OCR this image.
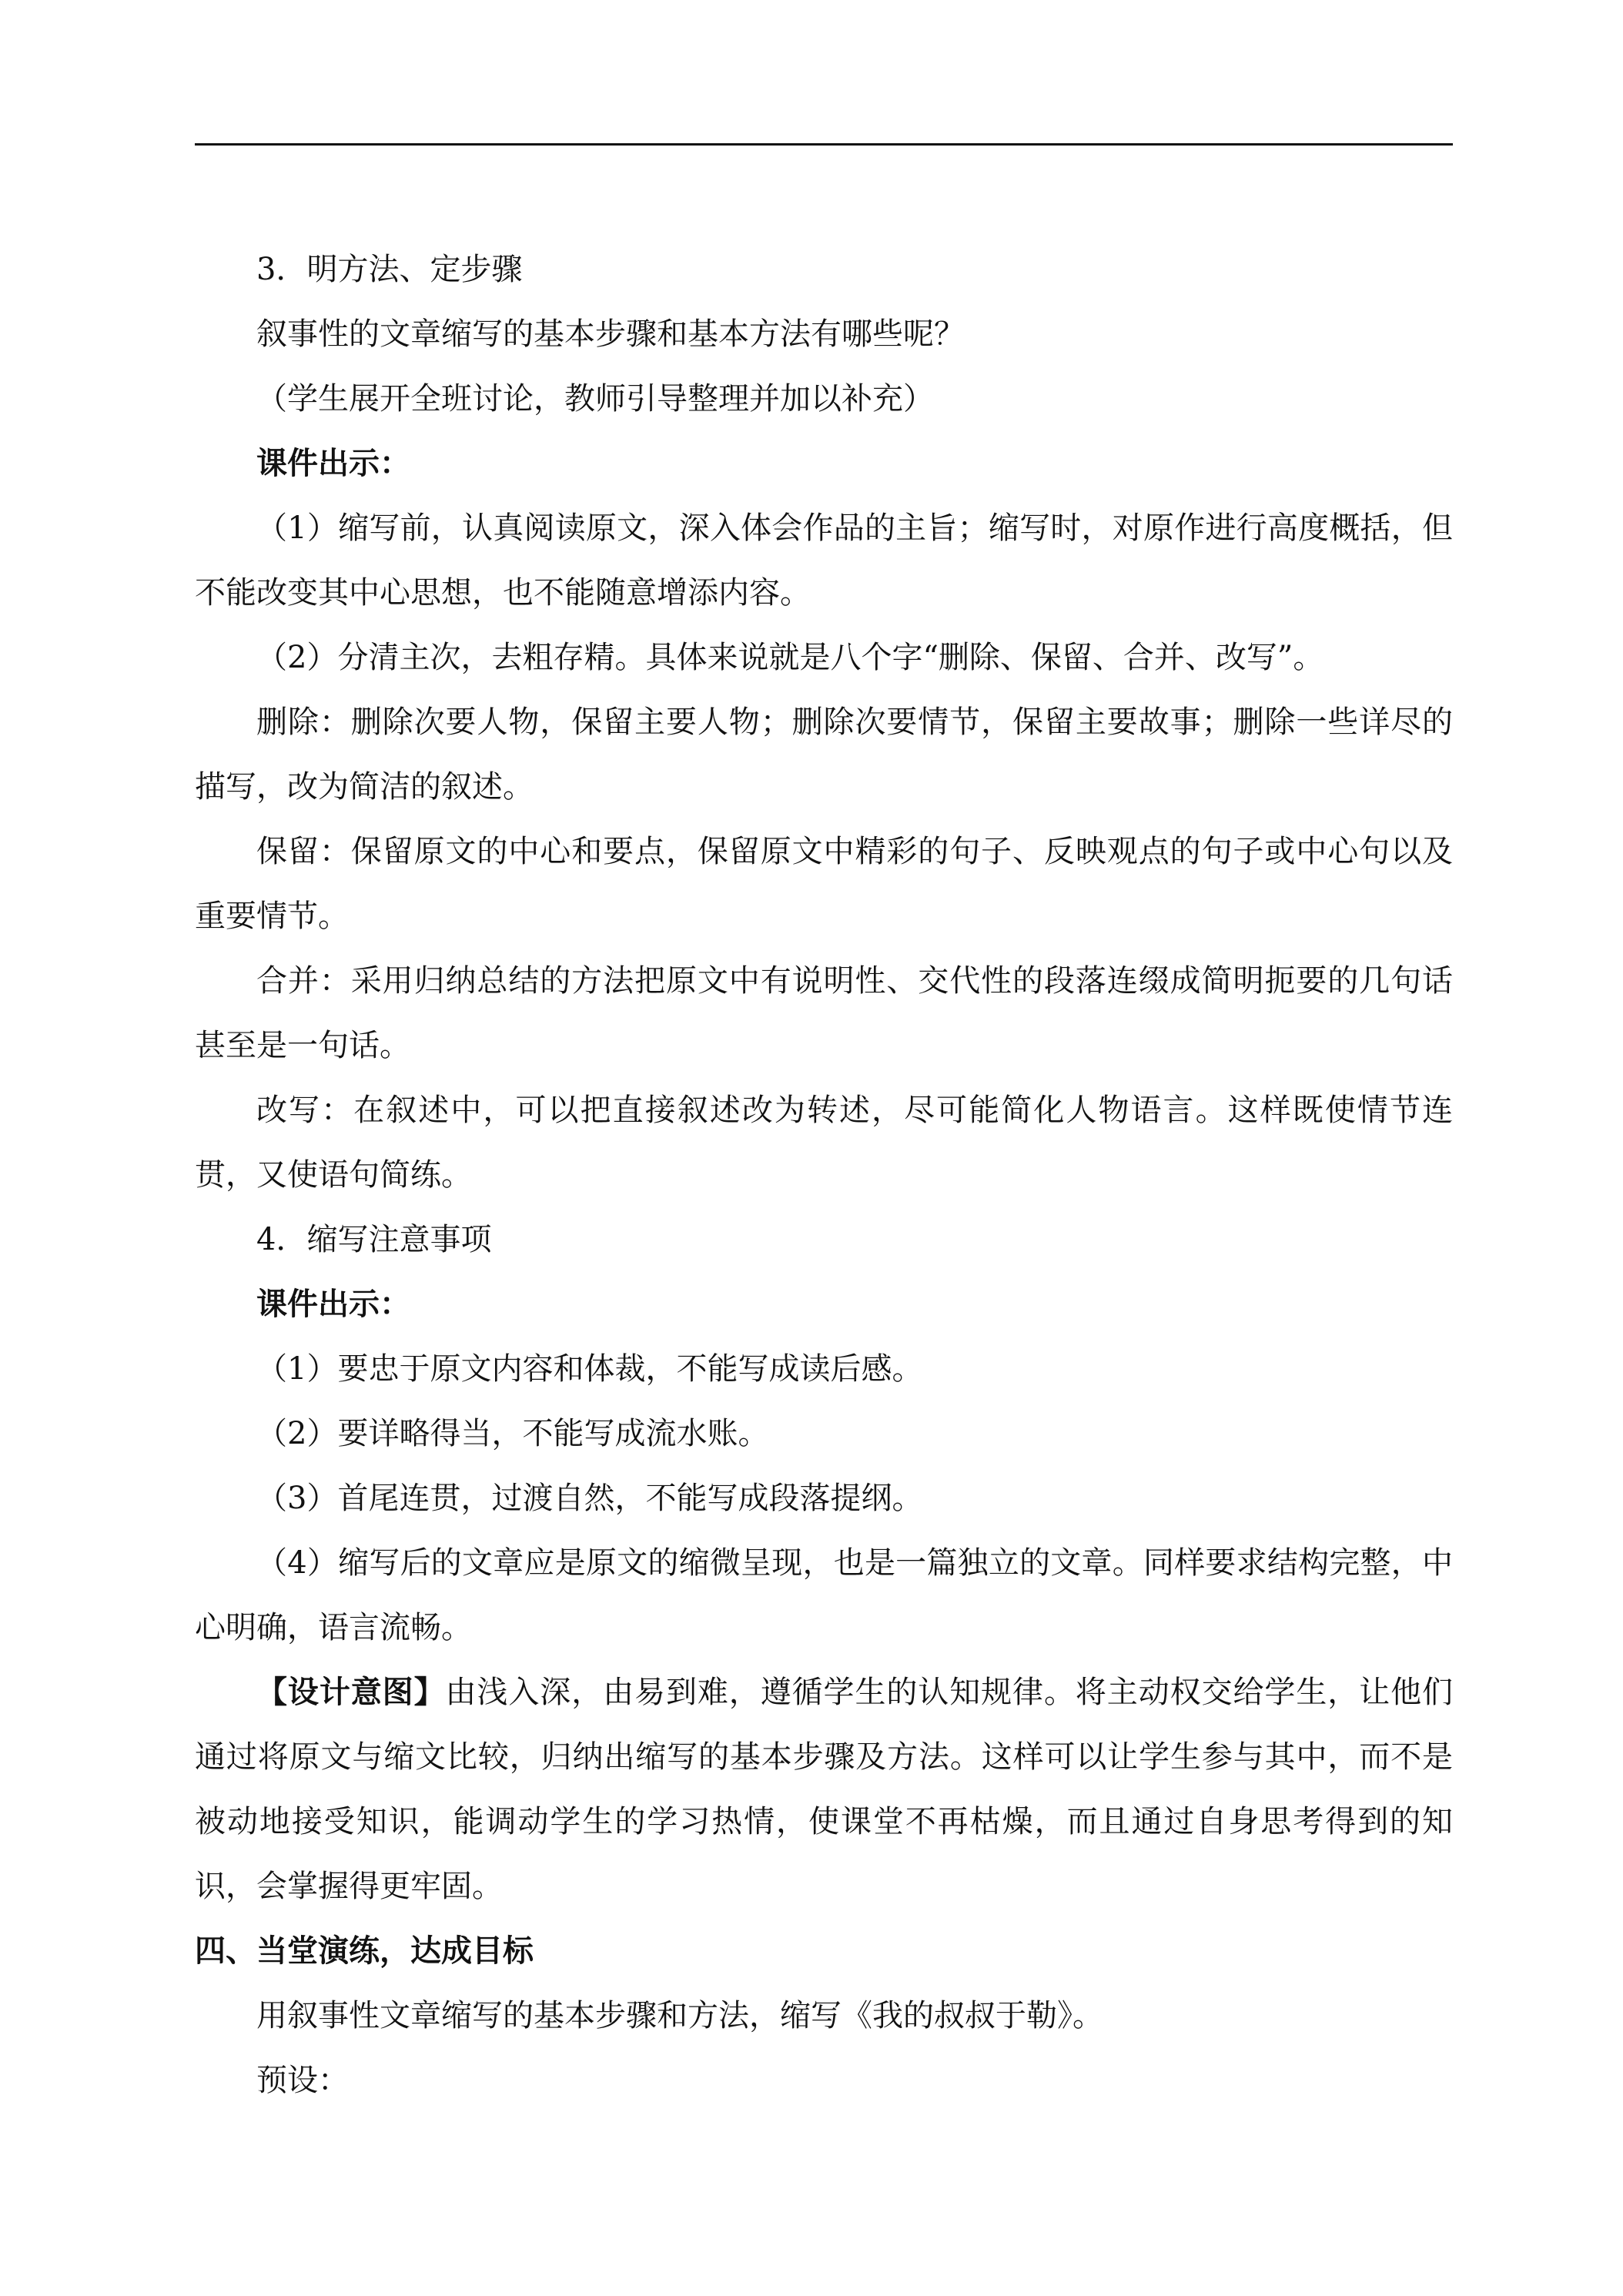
3．明方法、定步骤

叙事性的文章缩写的基本步骤和基本方法有哪些呢？

（学生展开全班讨论，教师引导整理并加以补充）

课件出示：

（1）缩写前，认真阅读原文，深入体会作品的主旨；缩写时，对原作进行高度概括，但不能改变其中心思想，也不能随意增添内容。

（2）分清主次，去粗存精。具体来说就是八个字“删除、保留、合并、改写”。

删除：删除次要人物，保留主要人物；删除次要情节，保留主要故事；删除一些详尽的描写，改为简洁的叙述。

保留：保留原文的中心和要点，保留原文中精彩的句子、反映观点的句子或中心句以及重要情节。

合并：采用归纳总结的方法把原文中有说明性、交代性的段落连缀成简明扼要的几句话甚至是一句话。

改写：在叙述中，可以把直接叙述改为转述，尽可能简化人物语言。这样既使情节连贯，又使语句简练。

4．缩写注意事项

课件出示：

（1）要忠于原文内容和体裁，不能写成读后感。

（2）要详略得当，不能写成流水账。

（3）首尾连贯，过渡自然，不能写成段落提纲。

（4）缩写后的文章应是原文的缩微呈现，也是一篇独立的文章。同样要求结构完整，中心明确，语言流畅。

【设计意图】由浅入深，由易到难，遵循学生的认知规律。将主动权交给学生，让他们通过将原文与缩文比较，归纳出缩写的基本步骤及方法。这样可以让学生参与其中，而不是被动地接受知识，能调动学生的学习热情，使课堂不再枯燥，而且通过自身思考得到的知识，会掌握得更牢固。

四、当堂演练，达成目标

用叙事性文章缩写的基本步骤和方法，缩写《我的叔叔于勒》。

预设：
